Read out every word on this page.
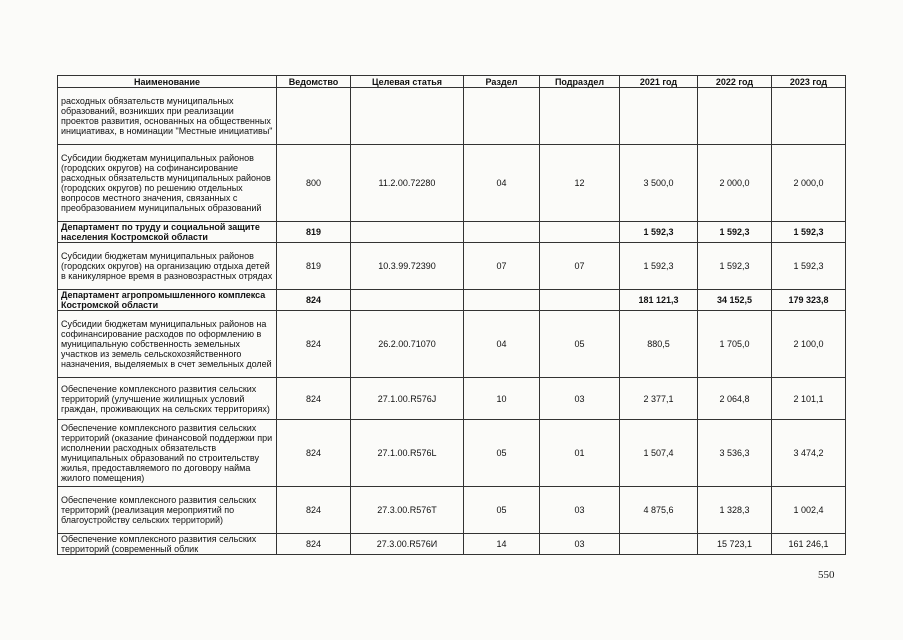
Наименование	Ведомство	Целевая статья	Раздел	Подраздел	2021 год	2022 год	2023 год
расходных обязательств муниципальных образований, возникших при реализации проектов развития, основанных на общественных инициативах, в номинации "Местные инициативы"							
Субсидии бюджетам муниципальных районов (городских округов) на софинансирование расходных обязательств муниципальных районов (городских округов) по решению отдельных вопросов местного значения, связанных с преобразованием муниципальных образований	800	11.2.00.72280	04	12	3 500,0	2 000,0	2 000,0
Департамент по труду и социальной защите населения Костромской области	819				1 592,3	1 592,3	1 592,3
Субсидии бюджетам муниципальных районов (городских округов) на организацию отдыха детей в каникулярное время в разновозрастных отрядах	819	10.3.99.72390	07	07	1 592,3	1 592,3	1 592,3
Департамент агропромышленного комплекса Костромской области	824				181 121,3	34 152,5	179 323,8
Субсидии бюджетам муниципальных районов на софинансирование расходов по оформлению в муниципальную собственность земельных участков из земель сельскохозяйственного назначения, выделяемых в счет земельных долей	824	26.2.00.71070	04	05	880,5	1 705,0	2 100,0
Обеспечение комплексного развития сельских территорий (улучшение жилищных условий граждан, проживающих на сельских территориях)	824	27.1.00.R576J	10	03	2 377,1	2 064,8	2 101,1
Обеспечение комплексного развития сельских территорий (оказание финансовой поддержки при исполнении расходных обязательств муниципальных образований по строительству жилья, предоставляемого по договору найма жилого помещения)	824	27.1.00.R576L	05	01	1 507,4	3 536,3	3 474,2
Обеспечение комплексного развития сельских территорий (реализация мероприятий по благоустройству сельских территорий)	824	27.3.00.R576T	05	03	4 875,6	1 328,3	1 002,4
Обеспечение комплексного развития сельских территорий (современный облик	824	27.3.00.R576И	14	03		15 723,1	161 246,1
550
